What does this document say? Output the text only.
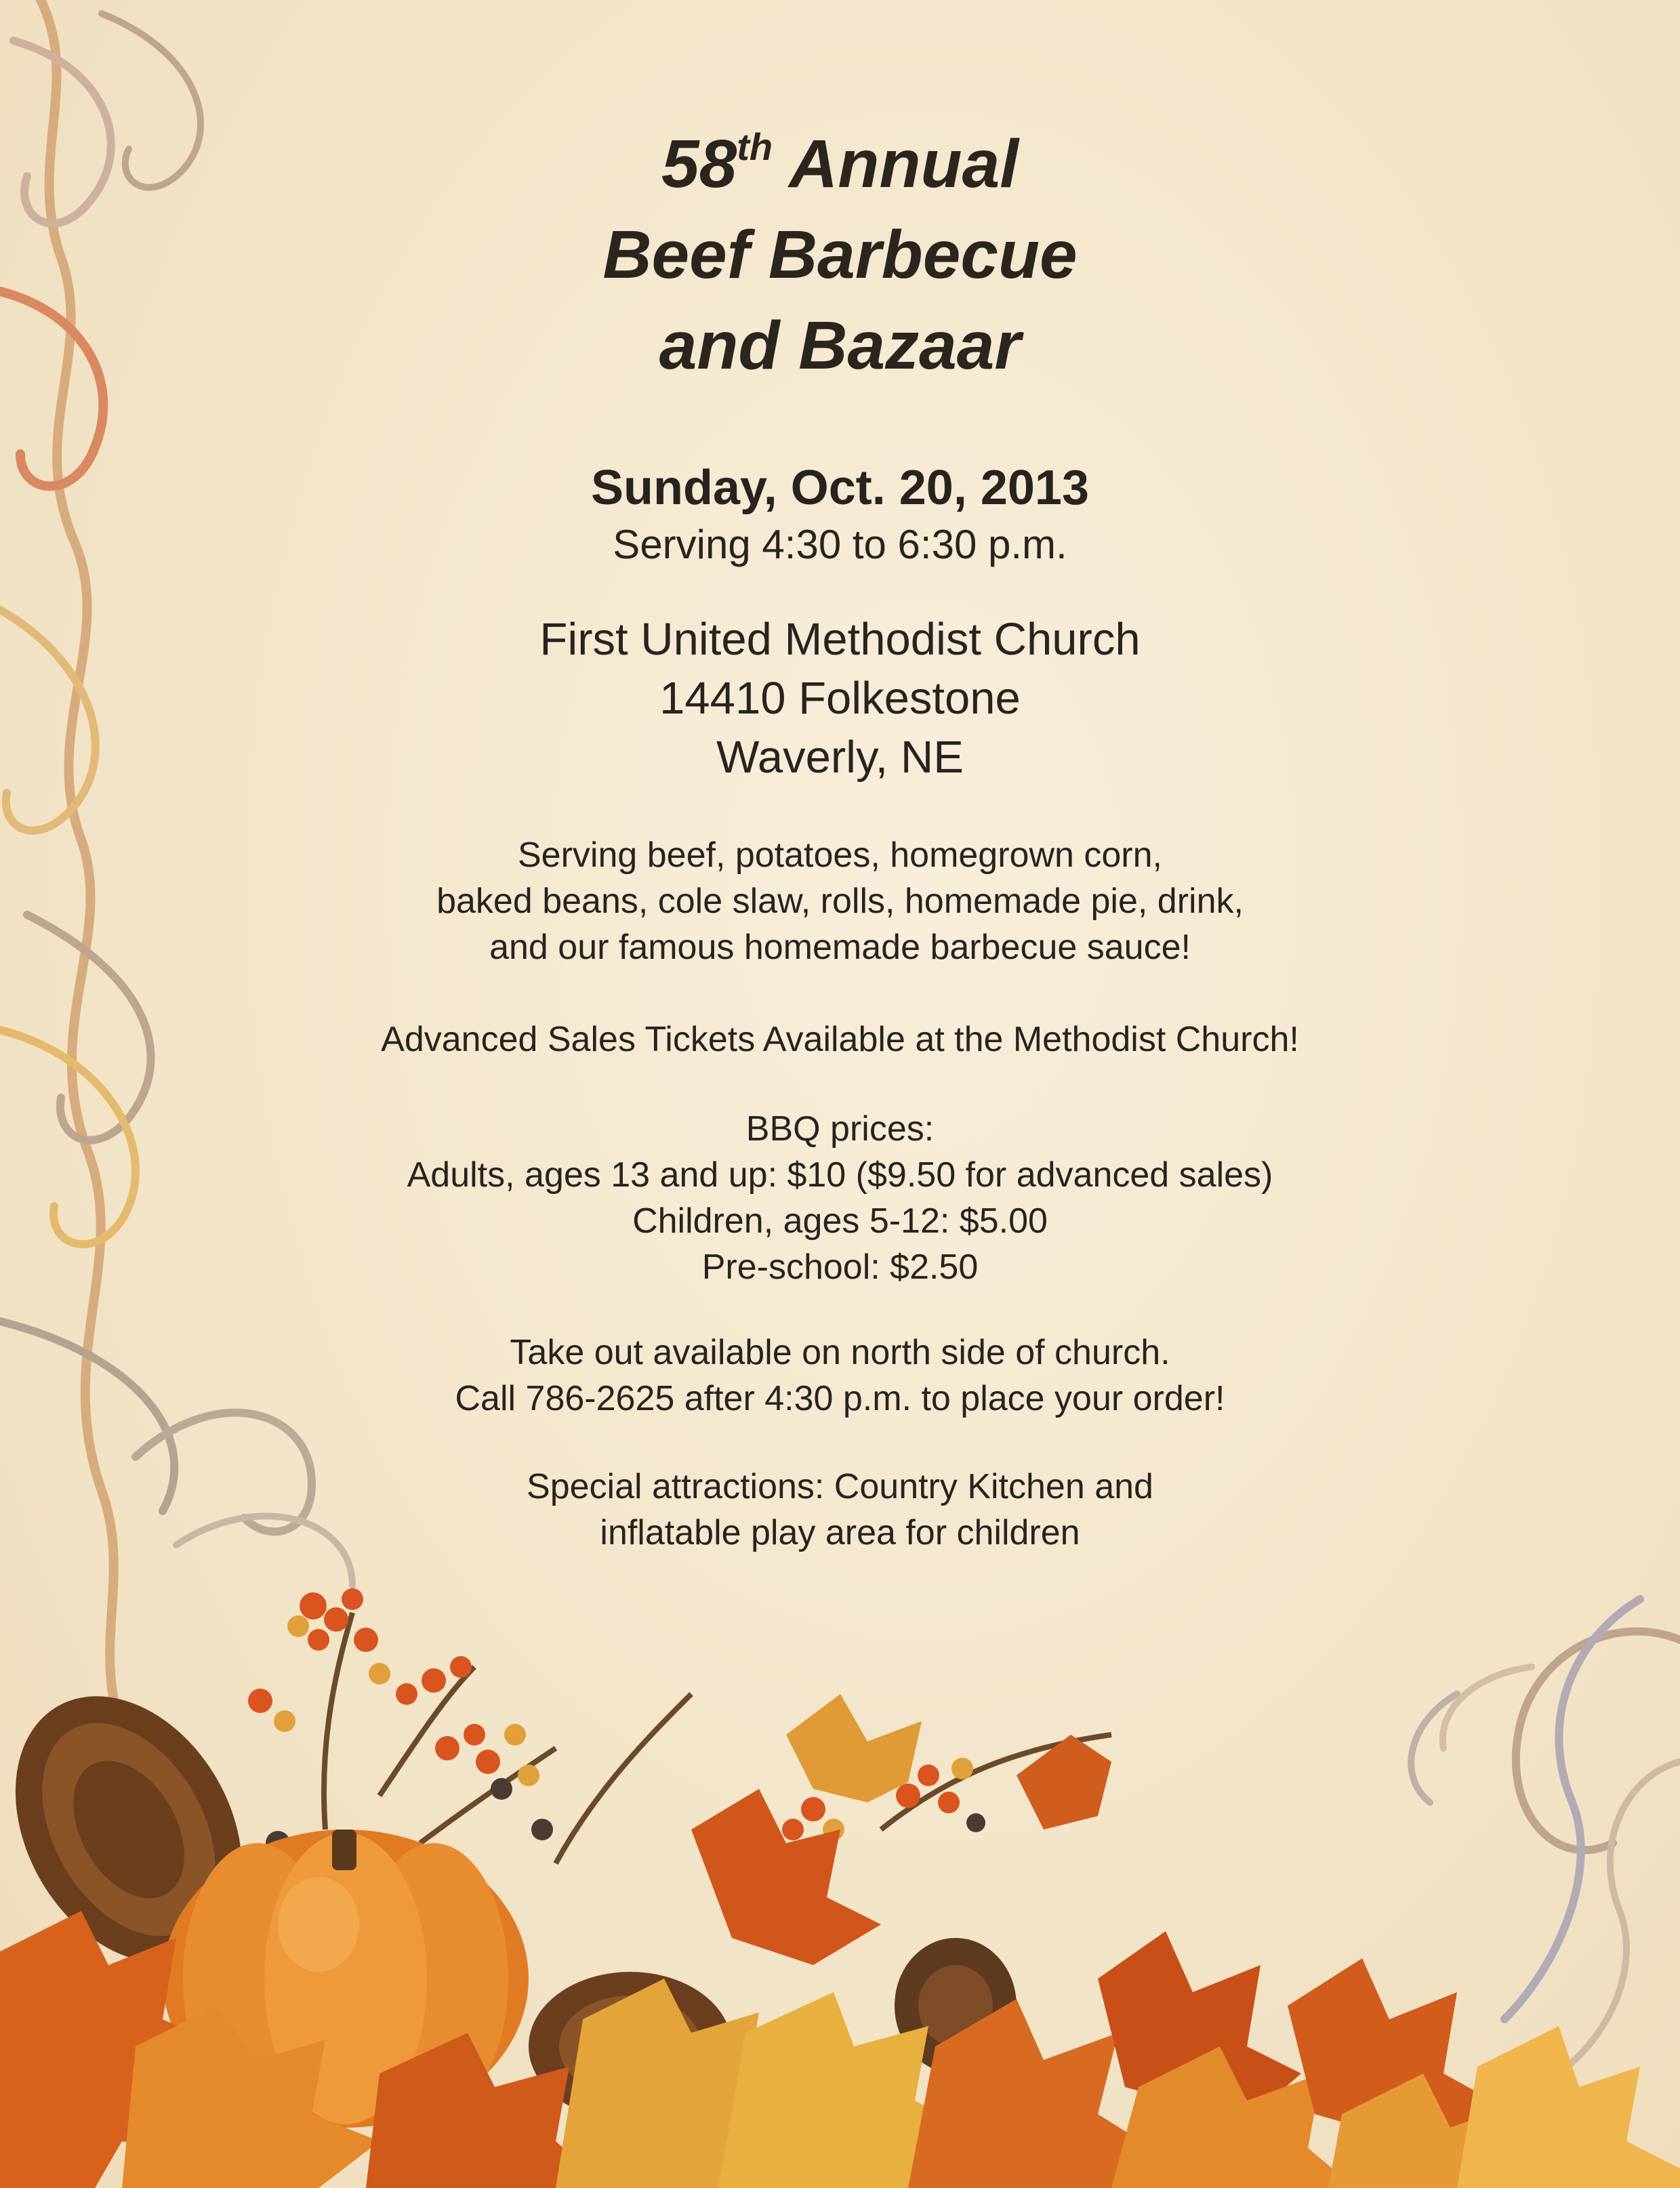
58th Annual
Beef Barbecue
and Bazaar
Sunday, Oct. 20, 2013
Serving 4:30 to 6:30 p.m.
First United Methodist Church
14410 Folkestone
Waverly, NE
Serving beef, potatoes, homegrown corn,
baked beans, cole slaw, rolls, homemade pie, drink,
and our famous homemade barbecue sauce!
Advanced Sales Tickets Available at the Methodist Church!
BBQ prices:
Adults, ages 13 and up: $10 ($9.50 for advanced sales)
Children, ages 5-12: $5.00
Pre-school: $2.50
Take out available on north side of church.
Call 786-2625 after 4:30 p.m. to place your order!
Special attractions: Country Kitchen and
inflatable play area for children
